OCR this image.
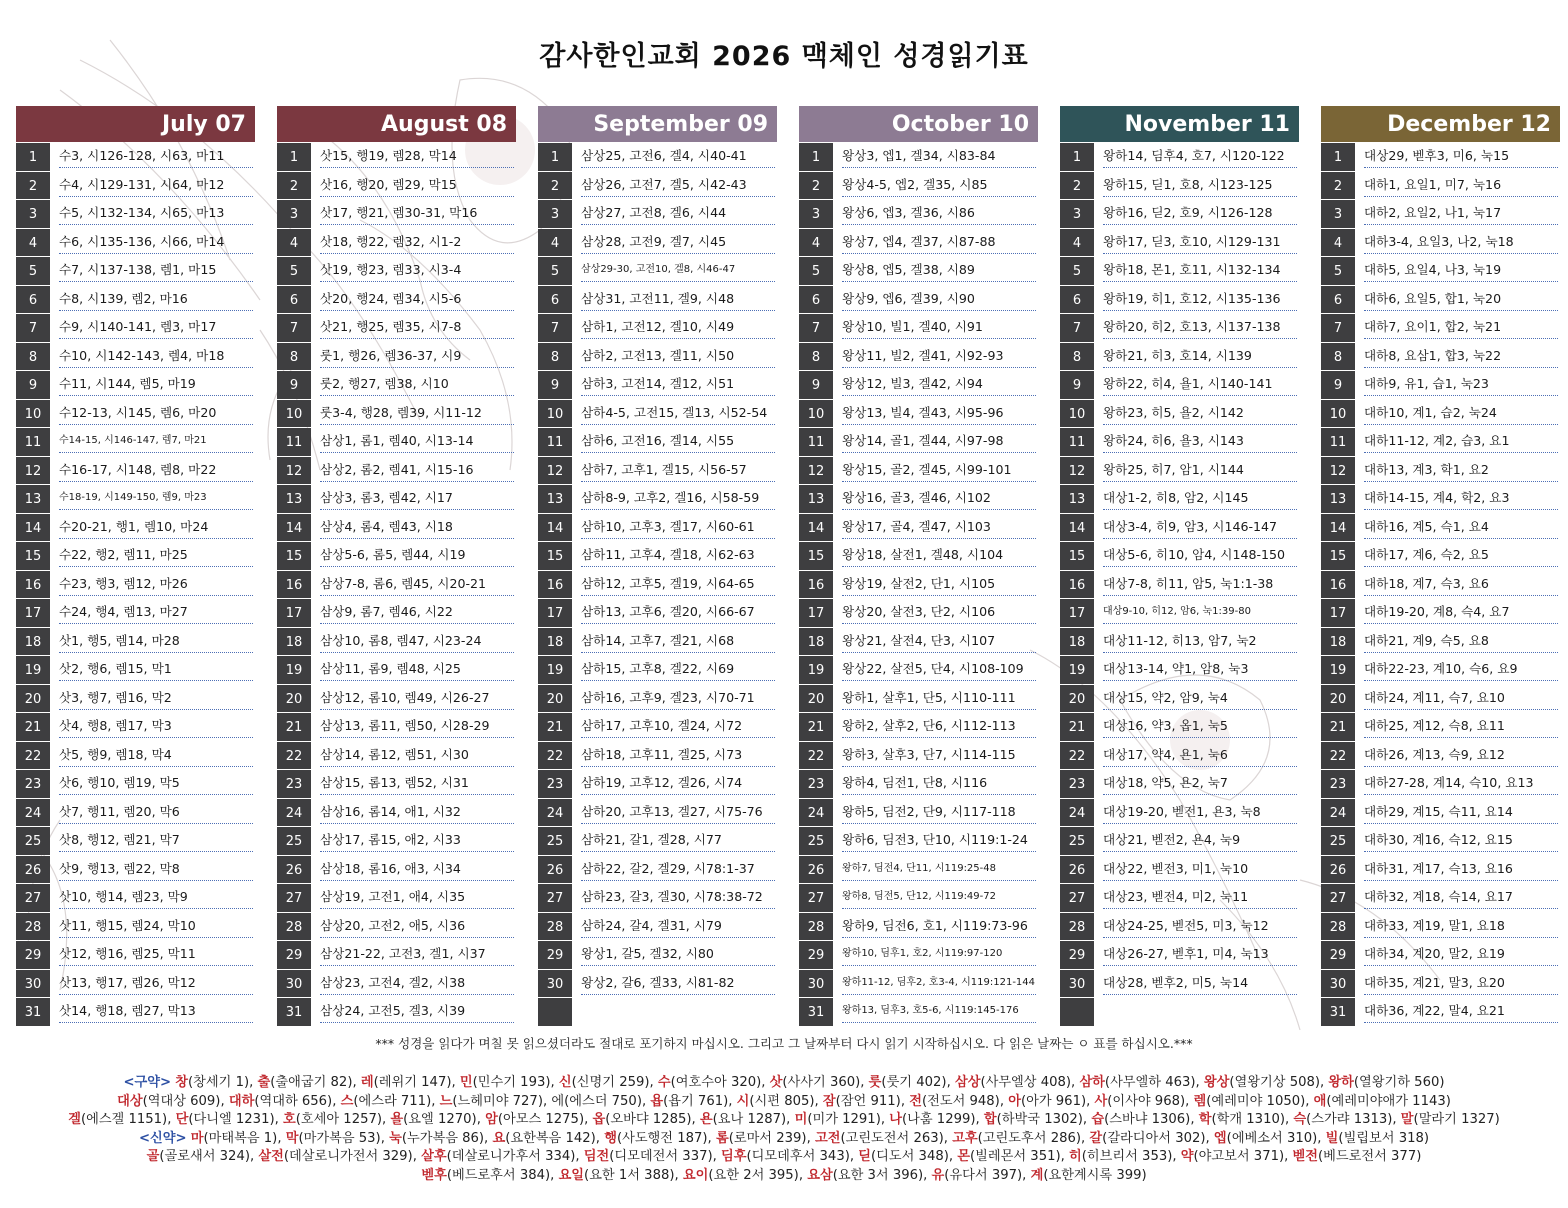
감사한인교회 2026 맥체인 성경읽기표
July 07
1	수3, 시126-128, 시63, 마11
2	수4, 시129-131, 시64, 마12
3	수5, 시132-134, 시65, 마13
4	수6, 시135-136, 시66, 마14
5	수7, 시137-138, 렘1, 마15
6	수8, 시139, 렘2, 마16
7	수9, 시140-141, 렘3, 마17
8	수10, 시142-143, 렘4, 마18
9	수11, 시144, 렘5, 마19
10	수12-13, 시145, 렘6, 마20
11	수14-15, 시146-147, 렘7, 마21
12	수16-17, 시148, 렘8, 마22
13	수18-19, 시149-150, 렘9, 마23
14	수20-21, 행1, 렘10, 마24
15	수22, 행2, 렘11, 마25
16	수23, 행3, 렘12, 마26
17	수24, 행4, 렘13, 마27
18	삿1, 행5, 렘14, 마28
19	삿2, 행6, 렘15, 막1
20	삿3, 행7, 렘16, 막2
21	삿4, 행8, 렘17, 막3
22	삿5, 행9, 렘18, 막4
23	삿6, 행10, 렘19, 막5
24	삿7, 행11, 렘20, 막6
25	삿8, 행12, 렘21, 막7
26	삿9, 행13, 렘22, 막8
27	삿10, 행14, 렘23, 막9
28	삿11, 행15, 렘24, 막10
29	삿12, 행16, 렘25, 막11
30	삿13, 행17, 렘26, 막12
31	삿14, 행18, 렘27, 막13
August 08
1	삿15, 행19, 렘28, 막14
2	삿16, 행20, 렘29, 막15
3	삿17, 행21, 렘30-31, 막16
4	삿18, 행22, 렘32, 시1-2
5	삿19, 행23, 렘33, 시3-4
6	삿20, 행24, 렘34, 시5-6
7	삿21, 행25, 렘35, 시7-8
8	룻1, 행26, 렘36-37, 시9
9	룻2, 행27, 렘38, 시10
10	룻3-4, 행28, 렘39, 시11-12
11	삼상1, 롬1, 렘40, 시13-14
12	삼상2, 롬2, 렘41, 시15-16
13	삼상3, 롬3, 렘42, 시17
14	삼상4, 롬4, 렘43, 시18
15	삼상5-6, 롬5, 렘44, 시19
16	삼상7-8, 롬6, 렘45, 시20-21
17	삼상9, 롬7, 렘46, 시22
18	삼상10, 롬8, 렘47, 시23-24
19	삼상11, 롬9, 렘48, 시25
20	삼상12, 롬10, 렘49, 시26-27
21	삼상13, 롬11, 렘50, 시28-29
22	삼상14, 롬12, 렘51, 시30
23	삼상15, 롬13, 렘52, 시31
24	삼상16, 롬14, 애1, 시32
25	삼상17, 롬15, 애2, 시33
26	삼상18, 롬16, 애3, 시34
27	삼상19, 고전1, 애4, 시35
28	삼상20, 고전2, 애5, 시36
29	삼상21-22, 고전3, 겔1, 시37
30	삼상23, 고전4, 겔2, 시38
31	삼상24, 고전5, 겔3, 시39
September 09
1	삼상25, 고전6, 겔4, 시40-41
2	삼상26, 고전7, 겔5, 시42-43
3	삼상27, 고전8, 겔6, 시44
4	삼상28, 고전9, 겔7, 시45
5	삼상29-30, 고전10, 겔8, 시46-47
6	삼상31, 고전11, 겔9, 시48
7	삼하1, 고전12, 겔10, 시49
8	삼하2, 고전13, 겔11, 시50
9	삼하3, 고전14, 겔12, 시51
10	삼하4-5, 고전15, 겔13, 시52-54
11	삼하6, 고전16, 겔14, 시55
12	삼하7, 고후1, 겔15, 시56-57
13	삼하8-9, 고후2, 겔16, 시58-59
14	삼하10, 고후3, 겔17, 시60-61
15	삼하11, 고후4, 겔18, 시62-63
16	삼하12, 고후5, 겔19, 시64-65
17	삼하13, 고후6, 겔20, 시66-67
18	삼하14, 고후7, 겔21, 시68
19	삼하15, 고후8, 겔22, 시69
20	삼하16, 고후9, 겔23, 시70-71
21	삼하17, 고후10, 겔24, 시72
22	삼하18, 고후11, 겔25, 시73
23	삼하19, 고후12, 겔26, 시74
24	삼하20, 고후13, 겔27, 시75-76
25	삼하21, 갈1, 겔28, 시77
26	삼하22, 갈2, 겔29, 시78:1-37
27	삼하23, 갈3, 겔30, 시78:38-72
28	삼하24, 갈4, 겔31, 시79
29	왕상1, 갈5, 겔32, 시80
30	왕상2, 갈6, 겔33, 시81-82
October 10
1	왕상3, 엡1, 겔34, 시83-84
2	왕상4-5, 엡2, 겔35, 시85
3	왕상6, 엡3, 겔36, 시86
4	왕상7, 엡4, 겔37, 시87-88
5	왕상8, 엡5, 겔38, 시89
6	왕상9, 엡6, 겔39, 시90
7	왕상10, 빌1, 겔40, 시91
8	왕상11, 빌2, 겔41, 시92-93
9	왕상12, 빌3, 겔42, 시94
10	왕상13, 빌4, 겔43, 시95-96
11	왕상14, 골1, 겔44, 시97-98
12	왕상15, 골2, 겔45, 시99-101
13	왕상16, 골3, 겔46, 시102
14	왕상17, 골4, 겔47, 시103
15	왕상18, 살전1, 겔48, 시104
16	왕상19, 살전2, 단1, 시105
17	왕상20, 살전3, 단2, 시106
18	왕상21, 살전4, 단3, 시107
19	왕상22, 살전5, 단4, 시108-109
20	왕하1, 살후1, 단5, 시110-111
21	왕하2, 살후2, 단6, 시112-113
22	왕하3, 살후3, 단7, 시114-115
23	왕하4, 딤전1, 단8, 시116
24	왕하5, 딤전2, 단9, 시117-118
25	왕하6, 딤전3, 단10, 시119:1-24
26	왕하7, 딤전4, 단11, 시119:25-48
27	왕하8, 딤전5, 단12, 시119:49-72
28	왕하9, 딤전6, 호1, 시119:73-96
29	왕하10, 딤후1, 호2, 시119:97-120
30	왕하11-12, 딤후2, 호3-4, 시119:121-144
31	왕하13, 딤후3, 호5-6, 시119:145-176
November 11
1	왕하14, 딤후4, 호7, 시120-122
2	왕하15, 딛1, 호8, 시123-125
3	왕하16, 딛2, 호9, 시126-128
4	왕하17, 딛3, 호10, 시129-131
5	왕하18, 몬1, 호11, 시132-134
6	왕하19, 히1, 호12, 시135-136
7	왕하20, 히2, 호13, 시137-138
8	왕하21, 히3, 호14, 시139
9	왕하22, 히4, 욜1, 시140-141
10	왕하23, 히5, 욜2, 시142
11	왕하24, 히6, 욜3, 시143
12	왕하25, 히7, 암1, 시144
13	대상1-2, 히8, 암2, 시145
14	대상3-4, 히9, 암3, 시146-147
15	대상5-6, 히10, 암4, 시148-150
16	대상7-8, 히11, 암5, 눅1:1-38
17	대상9-10, 히12, 암6, 눅1:39-80
18	대상11-12, 히13, 암7, 눅2
19	대상13-14, 약1, 암8, 눅3
20	대상15, 약2, 암9, 눅4
21	대상16, 약3, 옵1, 눅5
22	대상17, 약4, 욘1, 눅6
23	대상18, 약5, 욘2, 눅7
24	대상19-20, 벧전1, 욘3, 눅8
25	대상21, 벧전2, 욘4, 눅9
26	대상22, 벧전3, 미1, 눅10
27	대상23, 벧전4, 미2, 눅11
28	대상24-25, 벧전5, 미3, 눅12
29	대상26-27, 벧후1, 미4, 눅13
30	대상28, 벧후2, 미5, 눅14
December 12
1	대상29, 벧후3, 미6, 눅15
2	대하1, 요일1, 미7, 눅16
3	대하2, 요일2, 나1, 눅17
4	대하3-4, 요일3, 나2, 눅18
5	대하5, 요일4, 나3, 눅19
6	대하6, 요일5, 합1, 눅20
7	대하7, 요이1, 합2, 눅21
8	대하8, 요삼1, 합3, 눅22
9	대하9, 유1, 습1, 눅23
10	대하10, 계1, 습2, 눅24
11	대하11-12, 계2, 습3, 요1
12	대하13, 계3, 학1, 요2
13	대하14-15, 계4, 학2, 요3
14	대하16, 계5, 슥1, 요4
15	대하17, 계6, 슥2, 요5
16	대하18, 계7, 슥3, 요6
17	대하19-20, 계8, 슥4, 요7
18	대하21, 계9, 슥5, 요8
19	대하22-23, 계10, 슥6, 요9
20	대하24, 계11, 슥7, 요10
21	대하25, 계12, 슥8, 요11
22	대하26, 계13, 슥9, 요12
23	대하27-28, 계14, 슥10, 요13
24	대하29, 계15, 슥11, 요14
25	대하30, 계16, 슥12, 요15
26	대하31, 계17, 슥13, 요16
27	대하32, 계18, 슥14, 요17
28	대하33, 계19, 말1, 요18
29	대하34, 계20, 말2, 요19
30	대하35, 계21, 말3, 요20
31	대하36, 계22, 말4, 요21
*** 성경을 읽다가 며칠 못 읽으셨더라도 절대로 포기하지 마십시오. 그리고 그 날짜부터 다시 읽기 시작하십시오. 다 읽은 날짜는 ㅇ 표를 하십시오.***
<구약> 창(창세기 1), 출(출애굽기 82), 레(레위기 147), 민(민수기 193), 신(신명기 259), 수(여호수아 320), 삿(사사기 360), 룻(룻기 402), 삼상(사무엘상 408), 삼하(사무엘하 463), 왕상(열왕기상 508), 왕하(열왕기하 560)
대상(역대상 609), 대하(역대하 656), 스(에스라 711), 느(느헤미야 727), 에(에스더 750), 욥(욥기 761), 시(시편 805), 잠(잠언 911), 전(전도서 948), 아(아가 961), 사(이사야 968), 렘(예레미야 1050), 애(예레미야애가 1143)
겔(에스겔 1151), 단(다니엘 1231), 호(호세아 1257), 욜(요엘 1270), 암(아모스 1275), 옵(오바댜 1285), 욘(요나 1287), 미(미가 1291), 나(나훔 1299), 합(하박국 1302), 습(스바냐 1306), 학(학개 1310), 슥(스가랴 1313), 말(말라기 1327)
<신약> 마(마태복음 1), 막(마가복음 53), 눅(누가복음 86), 요(요한복음 142), 행(사도행전 187), 롬(로마서 239), 고전(고린도전서 263), 고후(고린도후서 286), 갈(갈라디아서 302), 엡(에베소서 310), 빌(빌립보서 318)
골(골로새서 324), 살전(데살로니가전서 329), 살후(데살로니가후서 334), 딤전(디모데전서 337), 딤후(디모데후서 343), 딛(디도서 348), 몬(빌레몬서 351), 히(히브리서 353), 약(야고보서 371), 벧전(베드로전서 377)
벧후(베드로후서 384), 요일(요한 1서 388), 요이(요한 2서 395), 요삼(요한 3서 396), 유(유다서 397), 계(요한계시록 399)
